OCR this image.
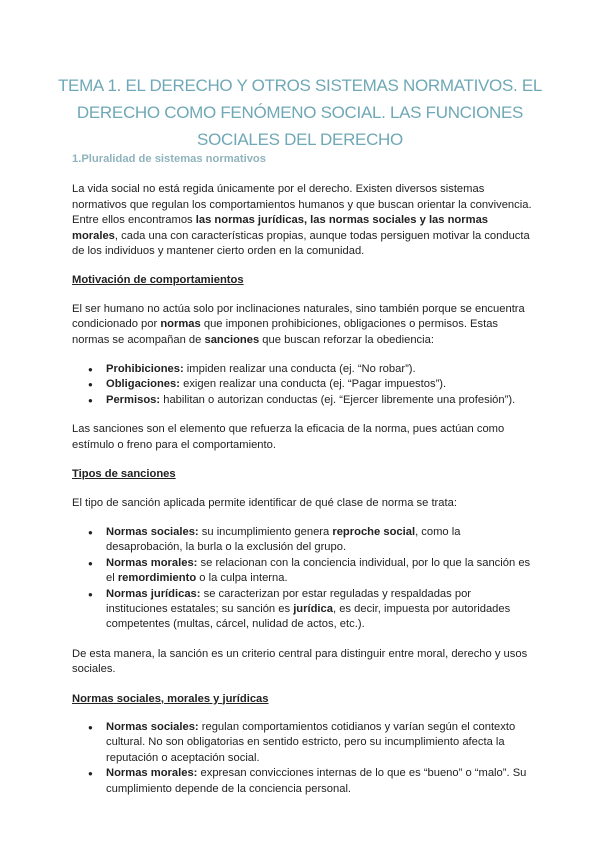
TEMA 1. EL DERECHO Y OTROS SISTEMAS NORMATIVOS. EL DERECHO COMO FENÓMENO SOCIAL. LAS FUNCIONES SOCIALES DEL DERECHO
1.Pluralidad de sistemas normativos

La vida social no está regida únicamente por el derecho. Existen diversos sistemas normativos que regulan los comportamientos humanos y que buscan orientar la convivencia. Entre ellos encontramos las normas jurídicas, las normas sociales y las normas morales, cada una con características propias, aunque todas persiguen motivar la conducta de los individuos y mantener cierto orden en la comunidad.

Motivación de comportamientos

El ser humano no actúa solo por inclinaciones naturales, sino también porque se encuentra condicionado por normas que imponen prohibiciones, obligaciones o permisos. Estas normas se acompañan de sanciones que buscan reforzar la obediencia:

● Prohibiciones: impiden realizar una conducta (ej. “No robar”).
● Obligaciones: exigen realizar una conducta (ej. “Pagar impuestos”).
● Permisos: habilitan o autorizan conductas (ej. “Ejercer libremente una profesión”).

Las sanciones son el elemento que refuerza la eficacia de la norma, pues actúan como estímulo o freno para el comportamiento.

Tipos de sanciones

El tipo de sanción aplicada permite identificar de qué clase de norma se trata:

● Normas sociales: su incumplimiento genera reproche social, como la desaprobación, la burla o la exclusión del grupo.
● Normas morales: se relacionan con la conciencia individual, por lo que la sanción es el remordimiento o la culpa interna.
● Normas jurídicas: se caracterizan por estar reguladas y respaldadas por instituciones estatales; su sanción es jurídica, es decir, impuesta por autoridades competentes (multas, cárcel, nulidad de actos, etc.).

De esta manera, la sanción es un criterio central para distinguir entre moral, derecho y usos sociales.

Normas sociales, morales y jurídicas
● Normas sociales: regulan comportamientos cotidianos y varían según el contexto cultural. No son obligatorias en sentido estricto, pero su incumplimiento afecta la reputación o aceptación social.
● Normas morales: expresan convicciones internas de lo que es “bueno” o “malo”. Su cumplimiento depende de la conciencia personal.
